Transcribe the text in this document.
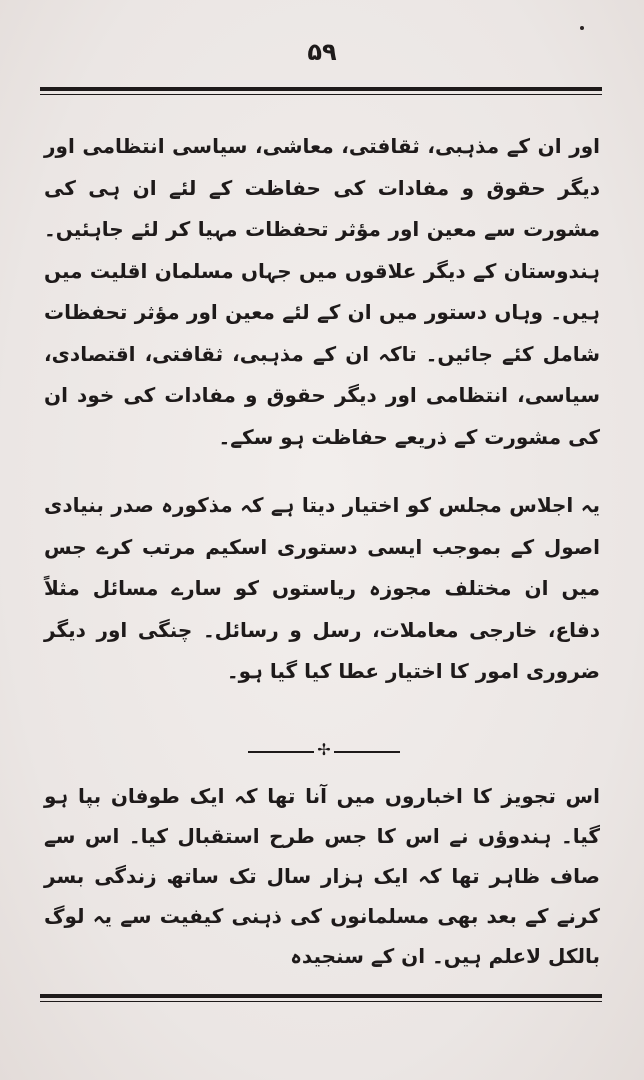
۵۹

اور ان کے مذہبی، ثقافتی، معاشی، سیاسی انتظامی اور دیگر حقوق و مفادات کی حفاظت کے لئے ان ہی کی مشورت سے معین اور مؤثر تحفظات مہیا کر لئے جاہئیں۔ ہندوستان کے دیگر علاقوں میں جہاں مسلمان اقلیت میں ہیں۔ وہاں دستور میں ان کے لئے معین اور مؤثر تحفظات شامل کئے جائیں۔ تاکہ ان کے مذہبی، ثقافتی، اقتصادی، سیاسی، انتظامی اور دیگر حقوق و مفادات کی خود ان کی مشورت کے ذریعے حفاظت ہو سکے۔

یہ اجلاس مجلس کو اختیار دیتا ہے کہ مذکورہ صدر بنیادی اصول کے بموجب ایسی دستوری اسکیم مرتب کرے جس میں ان مختلف مجوزہ ریاستوں کو سارے مسائل مثلاً دفاع، خارجی معاملات، رسل و رسائل۔ چنگی اور دیگر ضروری امور کا اختیار عطا کیا گیا ہو۔

✢

اس تجویز کا اخباروں میں آنا تھا کہ ایک طوفان بپا ہو گیا۔ ہندوؤں نے اس کا جس طرح استقبال کیا۔ اس سے صاف ظاہر تھا کہ ایک ہزار سال تک ساتھ زندگی بسر کرنے کے بعد بھی مسلمانوں کی ذہنی کیفیت سے یہ لوگ بالکل لاعلم ہیں۔ ان کے سنجیدہ
